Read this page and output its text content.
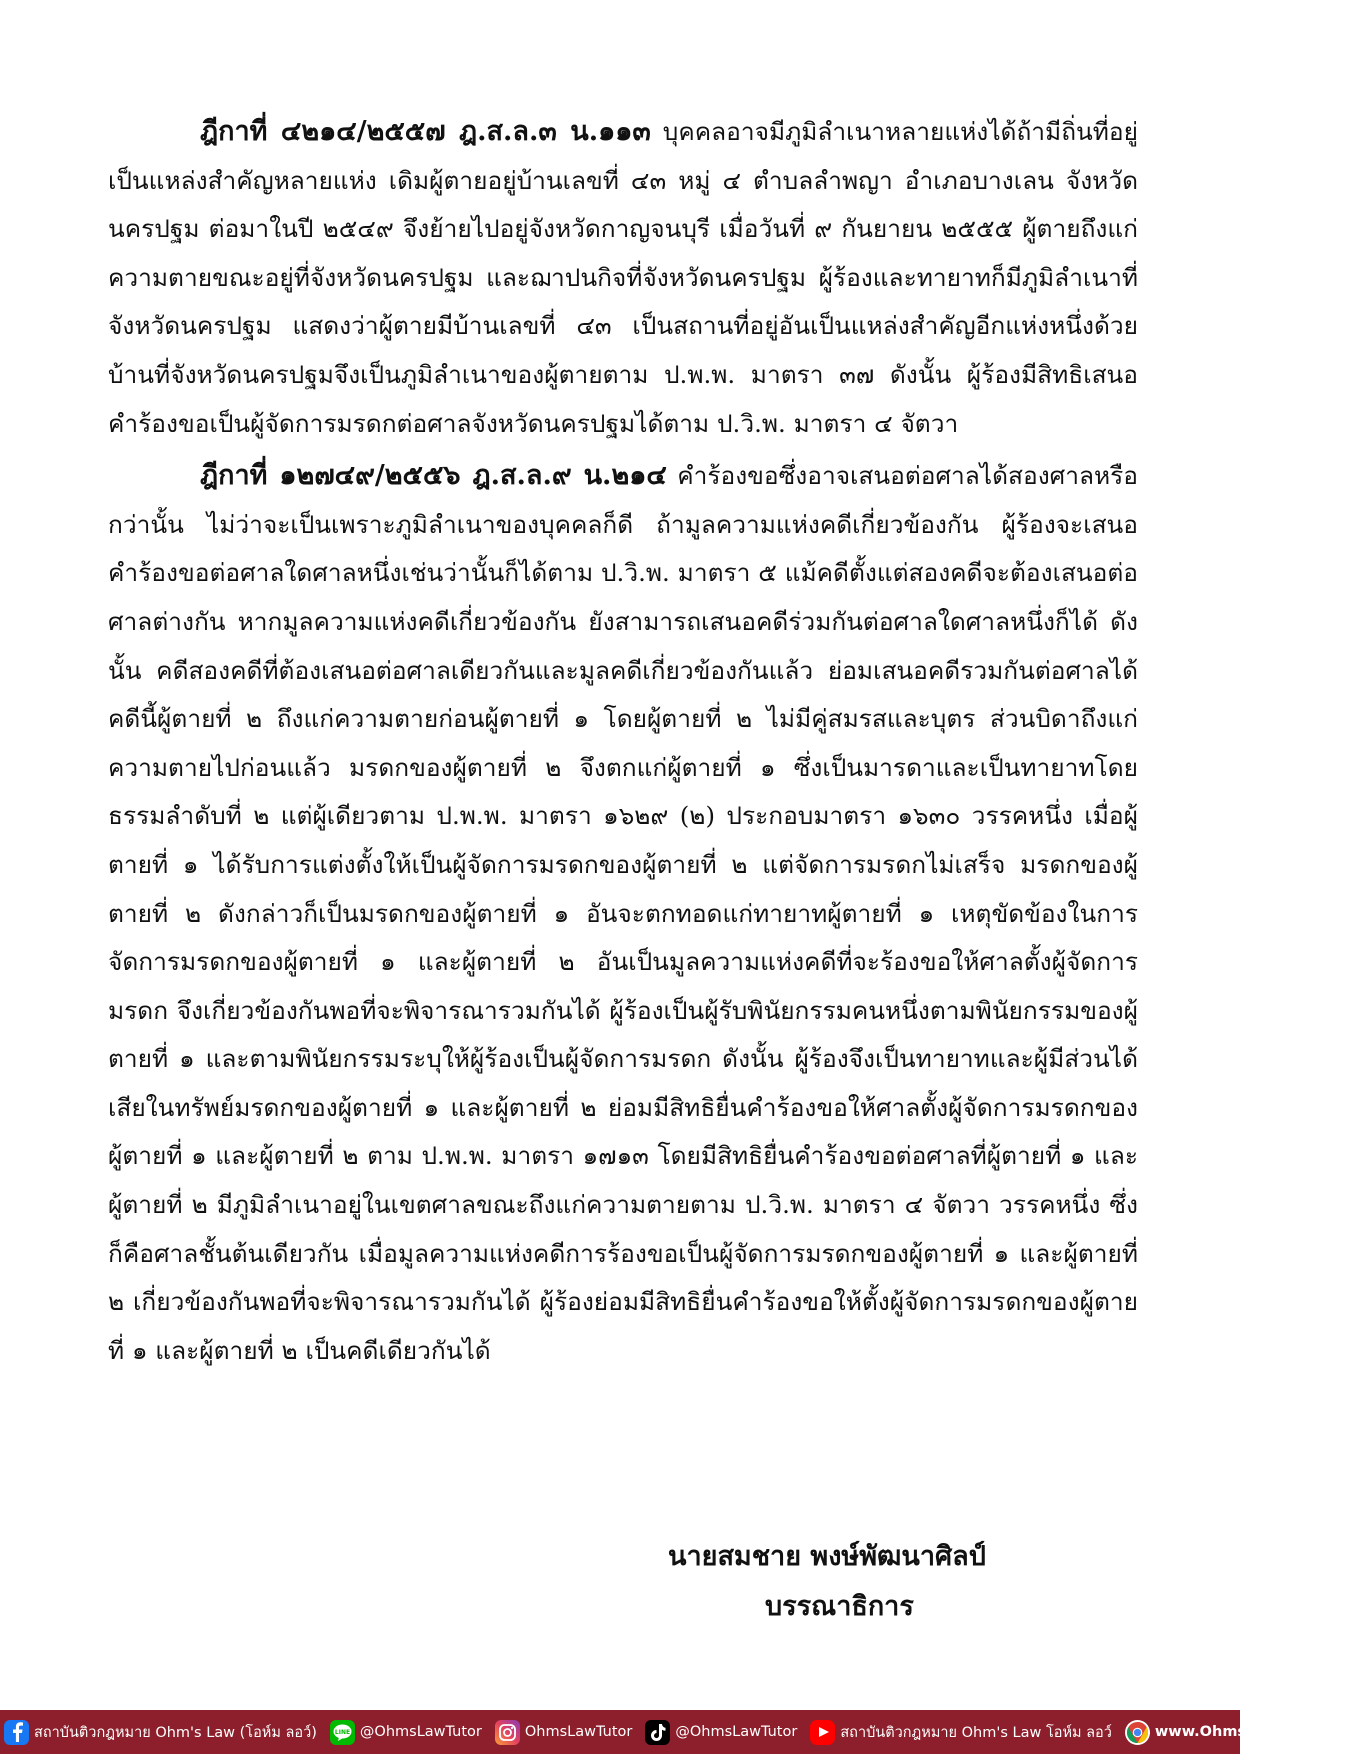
ฎีกาที่ ๔๒๑๔/๒๕๕๗ ฎ.ส.ล.๓ น.๑๑๓ บุคคลอาจมีภูมิลำเนาหลายแห่งได้ถ้ามีถิ่นที่อยู่เป็นแหล่งสำคัญหลายแห่ง เดิมผู้ตายอยู่บ้านเลขที่ ๔๓ หมู่ ๔ ตำบลลำพญา อำเภอบางเลน จังหวัดนครปฐม ต่อมาในปี ๒๕๔๙ จึงย้ายไปอยู่จังหวัดกาญจนบุรี เมื่อวันที่ ๙ กันยายน ๒๕๕๕ ผู้ตายถึงแก่ความตายขณะอยู่ที่จังหวัดนครปฐม และฌาปนกิจที่จังหวัดนครปฐม ผู้ร้องและทายาทก็มีภูมิลำเนาที่จังหวัดนครปฐม แสดงว่าผู้ตายมีบ้านเลขที่ ๔๓ เป็นสถานที่อยู่อันเป็นแหล่งสำคัญอีกแห่งหนึ่งด้วย บ้านที่จังหวัดนครปฐมจึงเป็นภูมิลำเนาของผู้ตายตาม ป.พ.พ. มาตรา ๓๗ ดังนั้น ผู้ร้องมีสิทธิเสนอคำร้องขอเป็นผู้จัดการมรดกต่อศาลจังหวัดนครปฐมได้ตาม ป.วิ.พ. มาตรา ๔ จัตวา

ฎีกาที่ ๑๒๗๔๙/๒๕๕๖ ฎ.ส.ล.๙ น.๒๑๔ คำร้องขอซึ่งอาจเสนอต่อศาลได้สองศาลหรือกว่านั้น ไม่ว่าจะเป็นเพราะภูมิลำเนาของบุคคลก็ดี ถ้ามูลความแห่งคดีเกี่ยวข้องกัน ผู้ร้องจะเสนอคำร้องขอต่อศาลใดศาลหนึ่งเช่นว่านั้นก็ได้ตาม ป.วิ.พ. มาตรา ๕ แม้คดีตั้งแต่สองคดีจะต้องเสนอต่อศาลต่างกัน หากมูลความแห่งคดีเกี่ยวข้องกัน ยังสามารถเสนอคดีร่วมกันต่อศาลใดศาลหนึ่งก็ได้ ดังนั้น คดีสองคดีที่ต้องเสนอต่อศาลเดียวกันและมูลคดีเกี่ยวข้องกันแล้ว ย่อมเสนอคดีรวมกันต่อศาลได้ คดีนี้ผู้ตายที่ ๒ ถึงแก่ความตายก่อนผู้ตายที่ ๑ โดยผู้ตายที่ ๒ ไม่มีคู่สมรสและบุตร ส่วนบิดาถึงแก่ความตายไปก่อนแล้ว มรดกของผู้ตายที่ ๒ จึงตกแก่ผู้ตายที่ ๑ ซึ่งเป็นมารดาและเป็นทายาทโดยธรรมลำดับที่ ๒ แต่ผู้เดียวตาม ป.พ.พ. มาตรา ๑๖๒๙ (๒) ประกอบมาตรา ๑๖๓๐ วรรคหนึ่ง เมื่อผู้ตายที่ ๑ ได้รับการแต่งตั้งให้เป็นผู้จัดการมรดกของผู้ตายที่ ๒ แต่จัดการมรดกไม่เสร็จ มรดกของผู้ตายที่ ๒ ดังกล่าวก็เป็นมรดกของผู้ตายที่ ๑ อันจะตกทอดแก่ทายาทผู้ตายที่ ๑ เหตุขัดข้องในการจัดการมรดกของผู้ตายที่ ๑ และผู้ตายที่ ๒ อันเป็นมูลความแห่งคดีที่จะร้องขอให้ศาลตั้งผู้จัดการมรดก จึงเกี่ยวข้องกันพอที่จะพิจารณารวมกันได้ ผู้ร้องเป็นผู้รับพินัยกรรมคนหนึ่งตามพินัยกรรมของผู้ตายที่ ๑ และตามพินัยกรรมระบุให้ผู้ร้องเป็นผู้จัดการมรดก ดังนั้น ผู้ร้องจึงเป็นทายาทและผู้มีส่วนได้เสียในทรัพย์มรดกของผู้ตายที่ ๑ และผู้ตายที่ ๒ ย่อมมีสิทธิยื่นคำร้องขอให้ศาลตั้งผู้จัดการมรดกของผู้ตายที่ ๑ และผู้ตายที่ ๒ ตาม ป.พ.พ. มาตรา ๑๗๑๓ โดยมีสิทธิยื่นคำร้องขอต่อศาลที่ผู้ตายที่ ๑ และผู้ตายที่ ๒ มีภูมิลำเนาอยู่ในเขตศาลขณะถึงแก่ความตายตาม ป.วิ.พ. มาตรา ๔ จัตวา วรรคหนึ่ง ซึ่งก็คือศาลชั้นต้นเดียวกัน เมื่อมูลความแห่งคดีการร้องขอเป็นผู้จัดการมรดกของผู้ตายที่ ๑ และผู้ตายที่ ๒ เกี่ยวข้องกันพอที่จะพิจารณารวมกันได้ ผู้ร้องย่อมมีสิทธิยื่นคำร้องขอให้ตั้งผู้จัดการมรดกของผู้ตายที่ ๑ และผู้ตายที่ ๒ เป็นคดีเดียวกันได้

นายสมชาย พงษ์พัฒนาศิลป์
บรรณาธิการ
สถาบันติวกฎหมาย Ohm's Law (โอห์ม ลอว์)	LINE @OhmsLawTutor	OhmsLawTutor	@OhmsLawTutor	สถาบันติวกฎหมาย Ohm's Law โอห์ม ลอว์	www.OhmsLawTutor.com
